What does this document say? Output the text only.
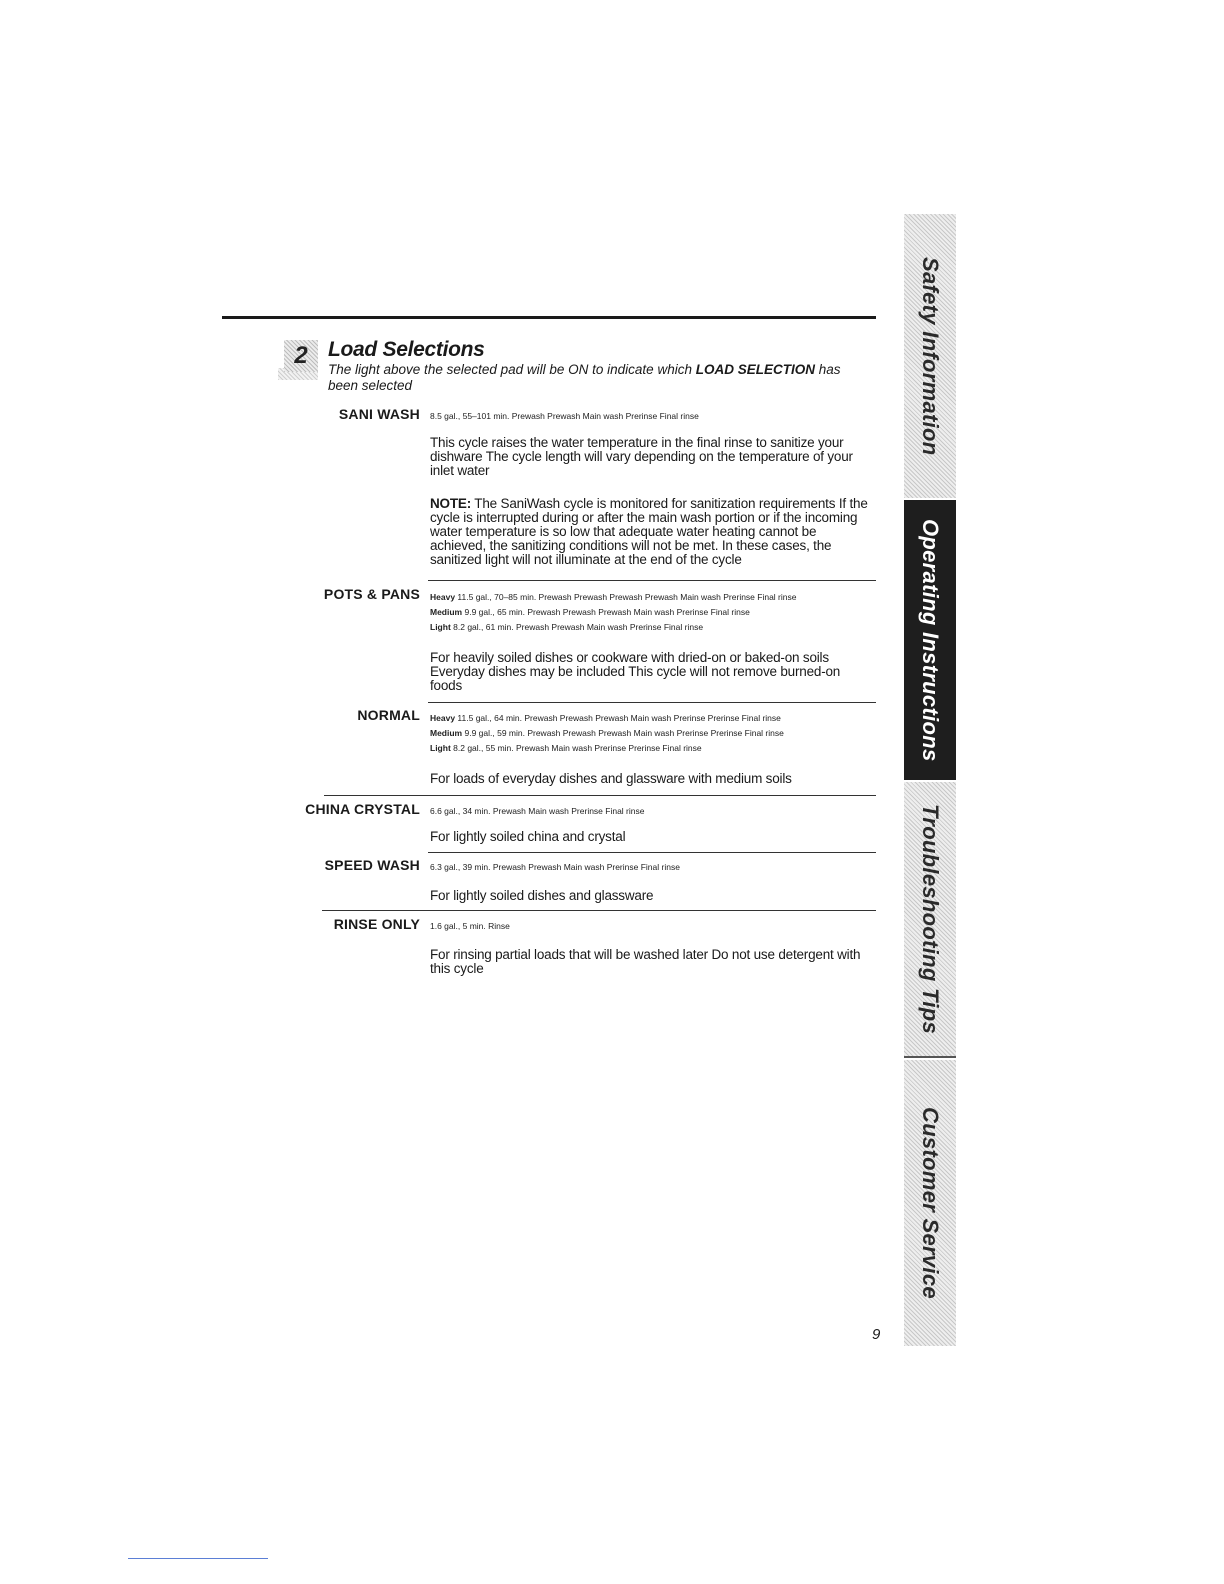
2 Load Selections
The light above the selected pad will be ON to indicate which LOAD SELECTION has been selected
SANI WASH 8.5 gal., 55–101 min. Prewash Prewash Main wash Prerinse Final rinse
This cycle raises the water temperature in the final rinse to sanitize your dishware The cycle length will vary depending on the temperature of your inlet water
NOTE: The SaniWash cycle is monitored for sanitization requirements If the cycle is interrupted during or after the main wash portion or if the incoming water temperature is so low that adequate water heating cannot be achieved, the sanitizing conditions will not be met. In these cases, the sanitized light will not illuminate at the end of the cycle
POTS & PANS Heavy 11.5 gal., 70–85 min. Prewash Prewash Prewash Prewash Main wash Prerinse Final rinse
Medium 9.9 gal., 65 min. Prewash Prewash Prewash Main wash Prerinse Final rinse
Light 8.2 gal., 61 min. Prewash Prewash Main wash Prerinse Final rinse
For heavily soiled dishes or cookware with dried-on or baked-on soils Everyday dishes may be included This cycle will not remove burned-on foods
NORMAL Heavy 11.5 gal., 64 min. Prewash Prewash Prewash Main wash Prerinse Prerinse Final rinse
Medium 9.9 gal., 59 min. Prewash Prewash Prewash Main wash Prerinse Prerinse Final rinse
Light 8.2 gal., 55 min. Prewash Main wash Prerinse Prerinse Final rinse
For loads of everyday dishes and glassware with medium soils
CHINA CRYSTAL 6.6 gal., 34 min. Prewash Main wash Prerinse Final rinse
For lightly soiled china and crystal
SPEED WASH 6.3 gal., 39 min. Prewash Prewash Main wash Prerinse Final rinse
For lightly soiled dishes and glassware
RINSE ONLY 1.6 gal., 5 min. Rinse
For rinsing partial loads that will be washed later Do not use detergent with this cycle
Safety Information
Operating Instructions
Troubleshooting Tips
Customer Service
9
